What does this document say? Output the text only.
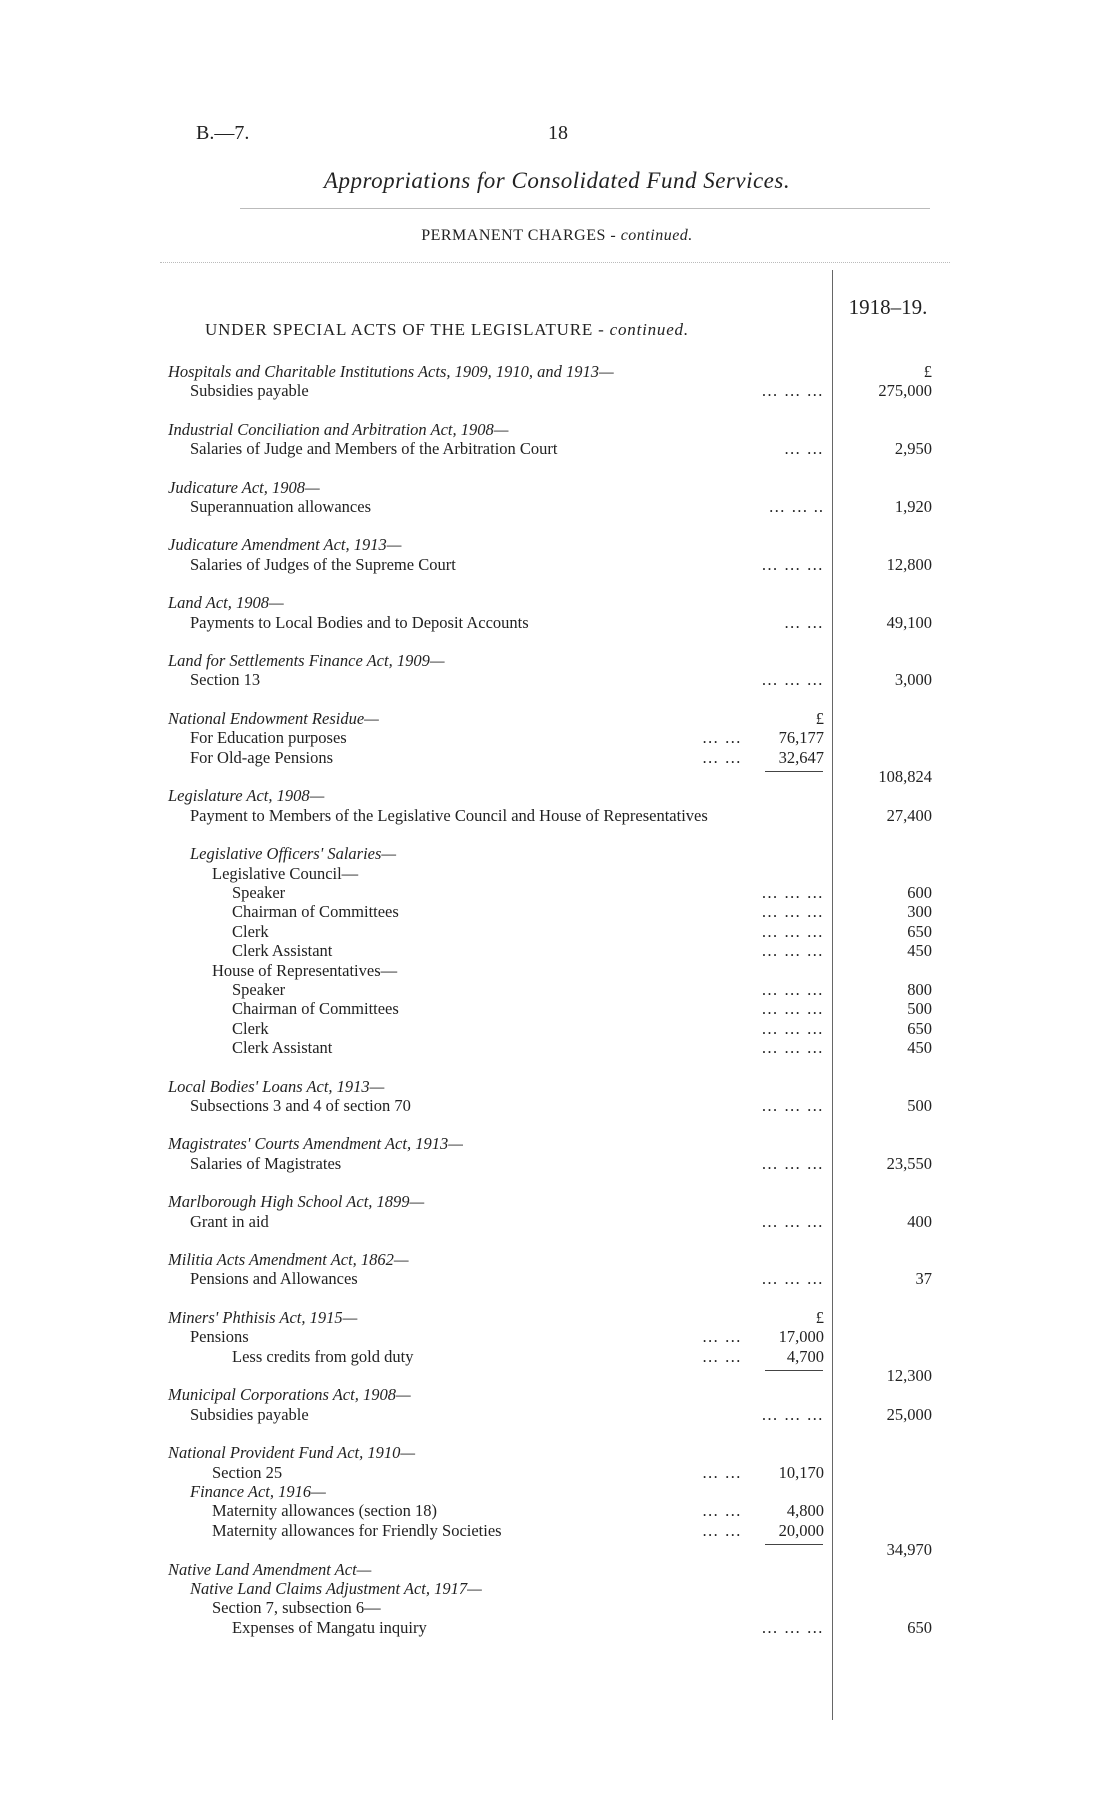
B.—7.	18
Appropriations for Consolidated Fund Services.
PERMANENT CHARGES - continued.
1918–19.
UNDER SPECIAL ACTS OF THE LEGISLATURE - continued.
Hospitals and Charitable Institutions Acts, 1909, 1910, and 1913—	£
Subsidies payable	… … …	275,000
Industrial Conciliation and Arbitration Act, 1908—
Salaries of Judge and Members of the Arbitration Court	… …	2,950
Judicature Act, 1908—
Superannuation allowances	… … ..	1,920
Judicature Amendment Act, 1913—
Salaries of Judges of the Supreme Court	… … …	12,800
Land Act, 1908—
Payments to Local Bodies and to Deposit Accounts	… …	49,100
Land for Settlements Finance Act, 1909—
Section 13	… … …	3,000
National Endowment Residue—	£
For Education purposes	… … 76,177
For Old-age Pensions	… … 32,647
108,824
Legislature Act, 1908—
Payment to Members of the Legislative Council and House of Representatives	27,400
Legislative Officers' Salaries—
Legislative Council—
Speaker	… … …	600
Chairman of Committees	… … …	300
Clerk	… … …	650
Clerk Assistant	… … …	450
House of Representatives—
Speaker	… … …	800
Chairman of Committees	… … …	500
Clerk	… … …	650
Clerk Assistant	… … …	450
Local Bodies' Loans Act, 1913—
Subsections 3 and 4 of section 70	… … …	500
Magistrates' Courts Amendment Act, 1913—
Salaries of Magistrates	… … …	23,550
Marlborough High School Act, 1899—
Grant in aid	… … …	400
Militia Acts Amendment Act, 1862—
Pensions and Allowances	… … …	37
Miners' Phthisis Act, 1915—	£
Pensions	… … 17,000
Less credits from gold duty	… …	4,700
12,300
Municipal Corporations Act, 1908—
Subsidies payable	… … …	25,000
National Provident Fund Act, 1910—
Section 25	… … 10,170
Finance Act, 1916—
Maternity allowances (section 18)	… …	4,800
Maternity allowances for Friendly Societies	… … 20,000
34,970
Native Land Amendment Act—
Native Land Claims Adjustment Act, 1917—
Section 7, subsection 6—
Expenses of Mangatu inquiry	… … …	650
